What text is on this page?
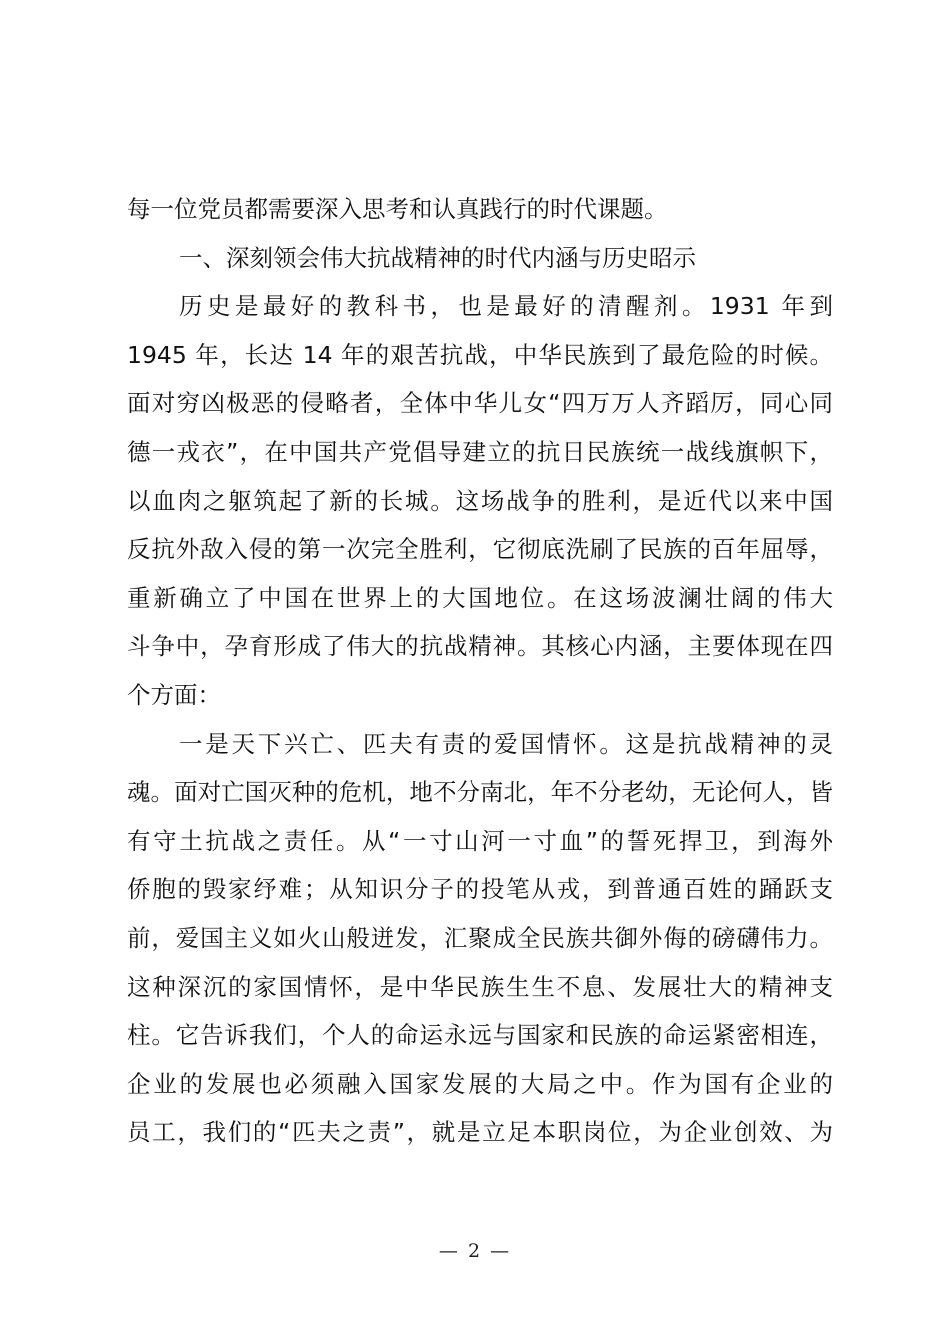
每一位党员都需要深入思考和认真践行的时代课题。
一、深刻领会伟大抗战精神的时代内涵与历史昭示
历史是最好的教科书，也是最好的清醒剂。1931 年到
1945 年，长达 14 年的艰苦抗战，中华民族到了最危险的时候。
面对穷凶极恶的侵略者，全体中华儿女“四万万人齐蹈厉，同心同
德一戎衣”，在中国共产党倡导建立的抗日民族统一战线旗帜下，
以血肉之躯筑起了新的长城。这场战争的胜利，是近代以来中国
反抗外敌入侵的第一次完全胜利，它彻底洗刷了民族的百年屈辱，
重新确立了中国在世界上的大国地位。在这场波澜壮阔的伟大
斗争中，孕育形成了伟大的抗战精神。其核心内涵，主要体现在四
个方面：
一是天下兴亡、匹夫有责的爱国情怀。这是抗战精神的灵
魂。面对亡国灭种的危机，地不分南北，年不分老幼，无论何人，皆
有守土抗战之责任。从“一寸山河一寸血”的誓死捍卫，到海外
侨胞的毁家纾难；从知识分子的投笔从戎，到普通百姓的踊跃支
前，爱国主义如火山般迸发，汇聚成全民族共御外侮的磅礴伟力。
这种深沉的家国情怀，是中华民族生生不息、发展壮大的精神支
柱。它告诉我们，个人的命运永远与国家和民族的命运紧密相连，
企业的发展也必须融入国家发展的大局之中。作为国有企业的
员工，我们的“匹夫之责”，就是立足本职岗位，为企业创效、为
— 2 —
